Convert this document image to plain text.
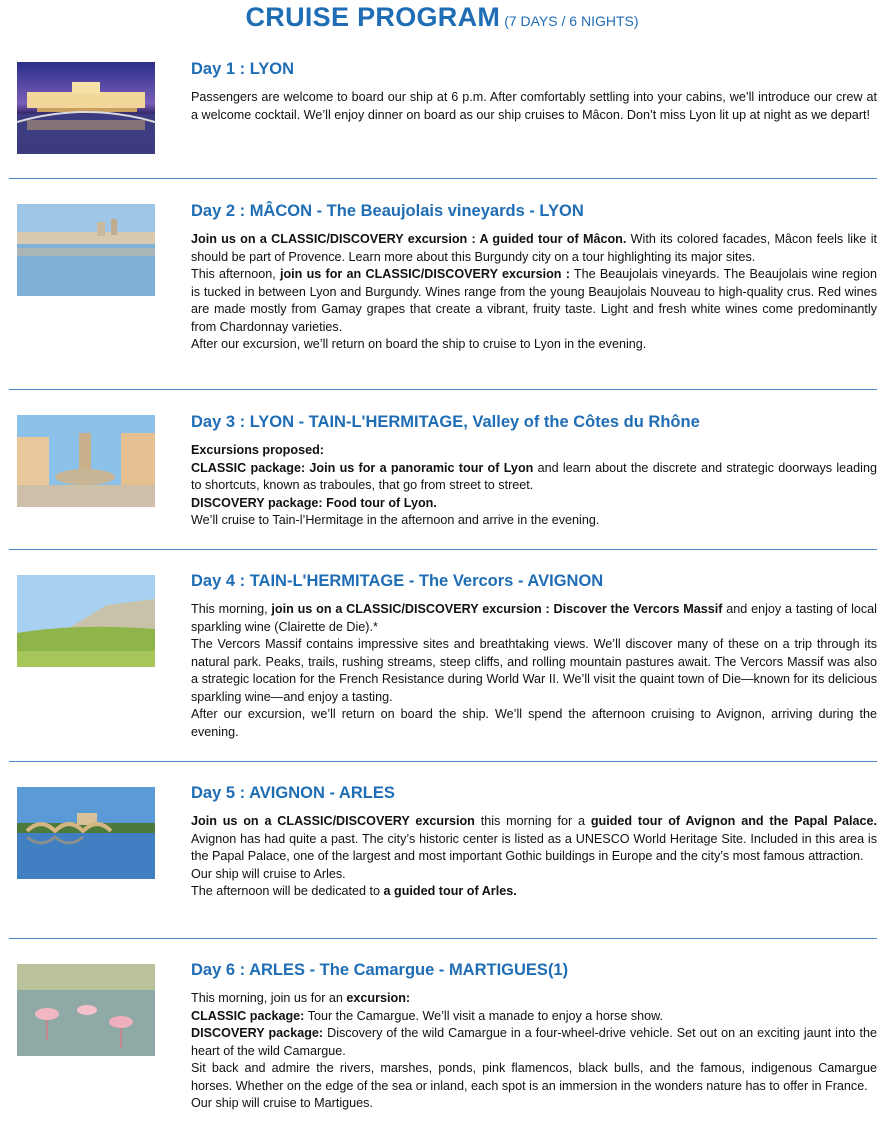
CRUISE PROGRAM (7 DAYS / 6 NIGHTS)
Day 1 : LYON

Passengers are welcome to board our ship at 6 p.m. After comfortably settling into your cabins, we’ll introduce our crew at a welcome cocktail. We’ll enjoy dinner on board as our ship cruises to Mâcon. Don’t miss Lyon lit up at night as we depart!

Day 2 : MÂCON - The Beaujolais vineyards - LYON

Join us on a CLASSIC/DISCOVERY excursion : A guided tour of Mâcon. With its colored facades, Mâcon feels like it should be part of Provence. Learn more about this Burgundy city on a tour highlighting its major sites.

This afternoon, join us for an CLASSIC/DISCOVERY excursion : The Beaujolais vineyards. The Beaujolais wine region is tucked in between Lyon and Burgundy. Wines range from the young Beaujolais Nouveau to high-quality crus. Red wines are made mostly from Gamay grapes that create a vibrant, fruity taste. Light and fresh white wines come predominantly from Chardonnay varieties.

After our excursion, we’ll return on board the ship to cruise to Lyon in the evening.

Day 3 : LYON - TAIN-L'HERMITAGE, Valley of the Côtes du Rhône

Excursions proposed:

CLASSIC package: Join us for a panoramic tour of Lyon and learn about the discrete and strategic doorways leading to shortcuts, known as traboules, that go from street to street.

DISCOVERY package: Food tour of Lyon.

We’ll cruise to Tain-l’Hermitage in the afternoon and arrive in the evening.

Day 4 : TAIN-L'HERMITAGE - The Vercors - AVIGNON

This morning, join us on a CLASSIC/DISCOVERY excursion : Discover the Vercors Massif and enjoy a tasting of local sparkling wine (Clairette de Die).*

The Vercors Massif contains impressive sites and breathtaking views. We’ll discover many of these on a trip through its natural park. Peaks, trails, rushing streams, steep cliffs, and rolling mountain pastures await. The Vercors Massif was also a strategic location for the French Resistance during World War II. We’ll visit the quaint town of Die—known for its delicious sparkling wine—and enjoy a tasting.

After our excursion, we’ll return on board the ship. We’ll spend the afternoon cruising to Avignon, arriving during the evening.

Day 5 : AVIGNON - ARLES

Join us on a CLASSIC/DISCOVERY excursion this morning for a guided tour of Avignon and the Papal Palace. Avignon has had quite a past. The city’s historic center is listed as a UNESCO World Heritage Site. Included in this area is the Papal Palace, one of the largest and most important Gothic buildings in Europe and the city’s most famous attraction.

Our ship will cruise to Arles.

The afternoon will be dedicated to a guided tour of Arles.

Day 6 : ARLES - The Camargue - MARTIGUES(1)

This morning, join us for an excursion:

CLASSIC package: Tour the Camargue. We’ll visit a manade to enjoy a horse show.

DISCOVERY package: Discovery of the wild Camargue in a four-wheel-drive vehicle. Set out on an exciting jaunt into the heart of the wild Camargue.

Sit back and admire the rivers, marshes, ponds, pink flamencos, black bulls, and the famous, indigenous Camargue horses. Whether on the edge of the sea or inland, each spot is an immersion in the wonders nature has to offer in France.

Our ship will cruise to Martigues.
